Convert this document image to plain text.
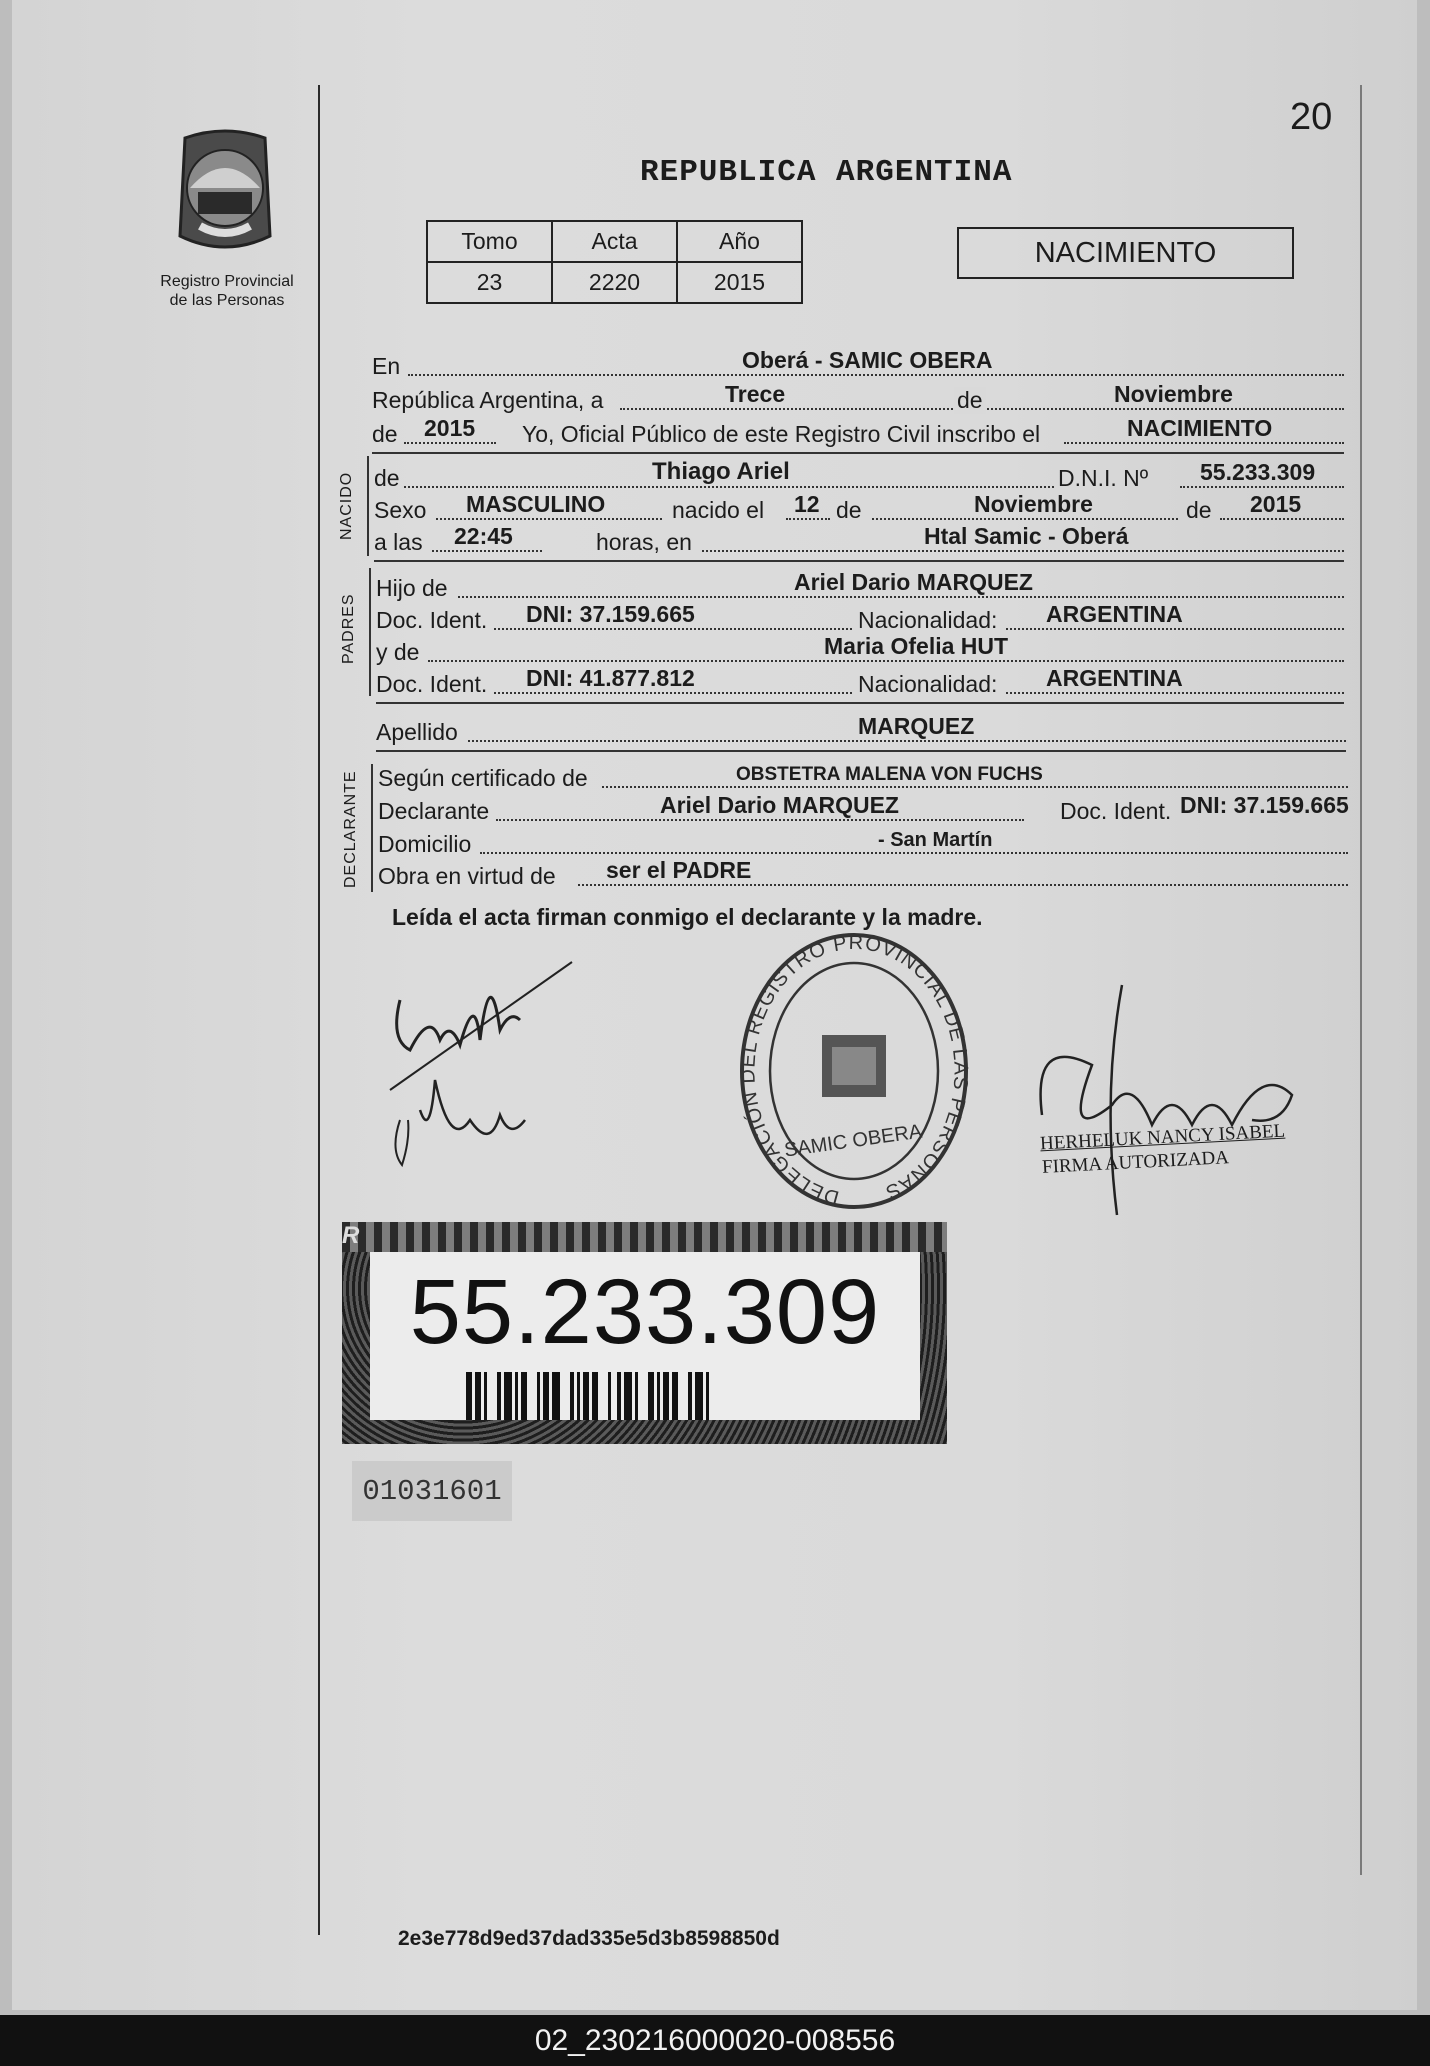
Registro Provincial
de las Personas
20
REPUBLICA ARGENTINA
Tomo	Acta	Año
23	2220	2015
NACIMIENTO
En	Oberá - SAMIC OBERA
República Argentina, a	Trece	de	Noviembre
de 2015 Yo, Oficial Público de este Registro Civil inscribo el	NACIMIENTO
NACIDO de	Thiago Ariel	D.N.I. Nº 55.233.309
Sexo MASCULINO	nacido el 12 de	Noviembre	de 2015
a las 22:45	horas, en	Htal Samic - Oberá
PADRES
Hijo de	Ariel Dario MARQUEZ
Doc. Ident. DNI: 37.159.665	Nacionalidad: ARGENTINA
y de	Maria Ofelia HUT
Doc. Ident. DNI: 41.877.812	Nacionalidad: ARGENTINA
Apellido	MARQUEZ
DECLARANTE Según certificado de	OBSTETRA MALENA VON FUCHS
Declarante	Ariel Dario MARQUEZ	Doc. Ident. DNI: 37.159.665
Domicilio	- San Martín
Obra en virtud de ser el PADRE
Leída el acta firman conmigo el declarante y la madre.
DELEGACIÓN DEL REGISTRO PROVINCIAL DE LAS PERSONAS
SAMIC OBERA	HERHELUK NANCY ISABEL
FIRMA AUTORIZADA
R
55.233.309
01031601
2e3e778d9ed37dad335e5d3b8598850d
02_230216000020-008556
